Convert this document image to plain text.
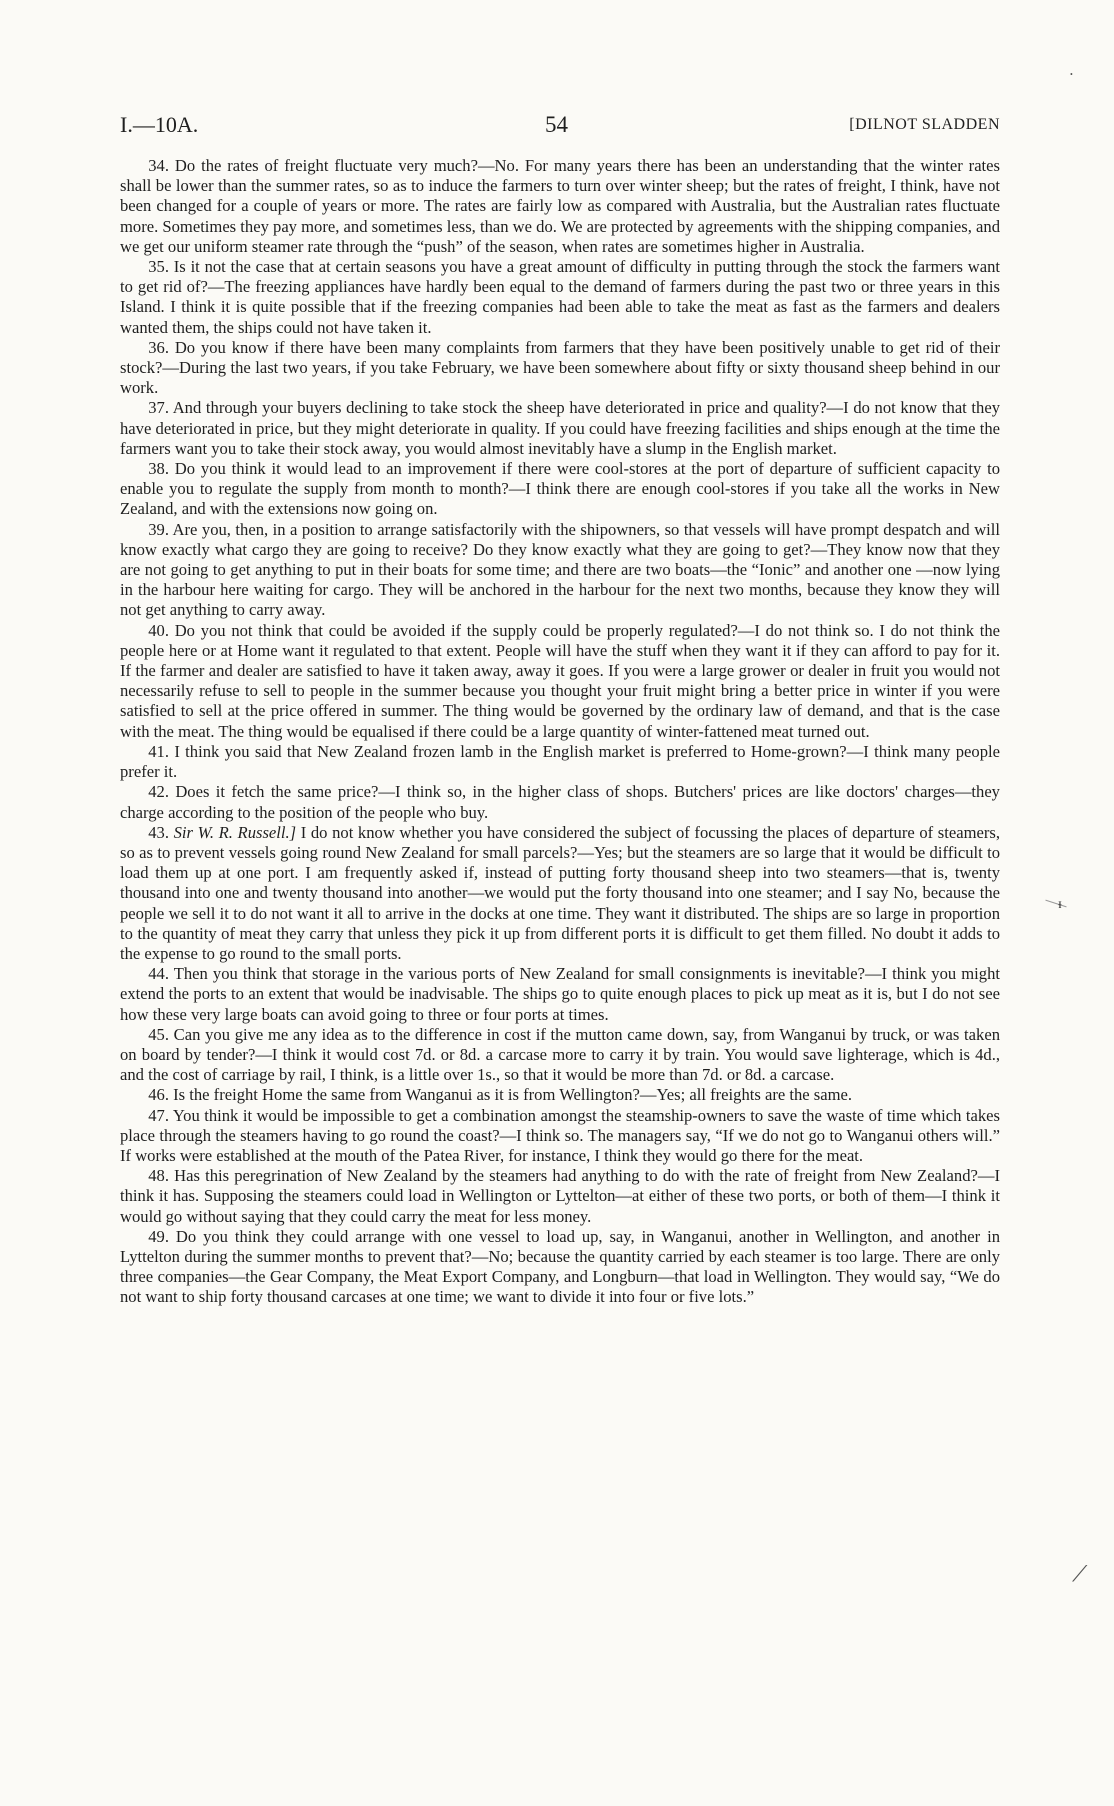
•
I.—10A.	54	[DILNOT SLADDEN

34. Do the rates of freight fluctuate very much?—No. For many years there has been an understanding that the winter rates shall be lower than the summer rates, so as to induce the farmers to turn over winter sheep; but the rates of freight, I think, have not been changed for a couple of years or more. The rates are fairly low as compared with Australia, but the Australian rates fluctuate more. Sometimes they pay more, and sometimes less, than we do. We are protected by agreements with the shipping companies, and we get our uniform steamer rate through the “push” of the season, when rates are sometimes higher in Australia.

35. Is it not the case that at certain seasons you have a great amount of difficulty in putting through the stock the farmers want to get rid of?—The freezing appliances have hardly been equal to the demand of farmers during the past two or three years in this Island. I think it is quite possible that if the freezing companies had been able to take the meat as fast as the farmers and dealers wanted them, the ships could not have taken it.

36. Do you know if there have been many complaints from farmers that they have been positively unable to get rid of their stock?—During the last two years, if you take February, we have been somewhere about fifty or sixty thousand sheep behind in our work.

37. And through your buyers declining to take stock the sheep have deteriorated in price and quality?—I do not know that they have deteriorated in price, but they might deteriorate in quality. If you could have freezing facilities and ships enough at the time the farmers want you to take their stock away, you would almost inevitably have a slump in the English market.

38. Do you think it would lead to an improvement if there were cool-stores at the port of departure of sufficient capacity to enable you to regulate the supply from month to month?—I think there are enough cool-stores if you take all the works in New Zealand, and with the extensions now going on.

39. Are you, then, in a position to arrange satisfactorily with the shipowners, so that vessels will have prompt despatch and will know exactly what cargo they are going to receive? Do they know exactly what they are going to get?—They know now that they are not going to get anything to put in their boats for some time; and there are two boats—the “Ionic” and another one —now lying in the harbour here waiting for cargo. They will be anchored in the harbour for the next two months, because they know they will not get anything to carry away.

40. Do you not think that could be avoided if the supply could be properly regulated?—I do not think so. I do not think the people here or at Home want it regulated to that extent. People will have the stuff when they want it if they can afford to pay for it. If the farmer and dealer are satisfied to have it taken away, away it goes. If you were a large grower or dealer in fruit you would not necessarily refuse to sell to people in the summer because you thought your fruit might bring a better price in winter if you were satisfied to sell at the price offered in summer. The thing would be governed by the ordinary law of demand, and that is the case with the meat. The thing would be equalised if there could be a large quantity of winter-fattened meat turned out.

41. I think you said that New Zealand frozen lamb in the English market is preferred to Home-grown?—I think many people prefer it.

42. Does it fetch the same price?—I think so, in the higher class of shops. Butchers' prices are like doctors' charges—they charge according to the position of the people who buy.

43. Sir W. R. Russell.] I do not know whether you have considered the subject of focussing the places of departure of steamers, so as to prevent vessels going round New Zealand for small parcels?—Yes; but the steamers are so large that it would be difficult to load them up at one port. I am frequently asked if, instead of putting forty thousand sheep into two steamers—that is, twenty thousand into one and twenty thousand into another—we would put the forty thousand into one steamer; and I say No, because the people we sell it to do not want it all to arrive in the docks at one time. They want it distributed. The ships are so large in proportion to the quantity of meat they carry that unless they pick it up from different ports it is difficult to get them filled. No doubt it adds to the expense to go round to the small ports.

44. Then you think that storage in the various ports of New Zealand for small consignments is inevitable?—I think you might extend the ports to an extent that would be inadvisable. The ships go to quite enough places to pick up meat as it is, but I do not see how these very large boats can avoid going to three or four ports at times.

45. Can you give me any idea as to the difference in cost if the mutton came down, say, from Wanganui by truck, or was taken on board by tender?—I think it would cost 7d. or 8d. a carcase more to carry it by train. You would save lighterage, which is 4d., and the cost of carriage by rail, I think, is a little over 1s., so that it would be more than 7d. or 8d. a carcase.

46. Is the freight Home the same from Wanganui as it is from Wellington?—Yes; all freights are the same.

47. You think it would be impossible to get a combination amongst the steamship-owners to save the waste of time which takes place through the steamers having to go round the coast?—I think so. The managers say, “If we do not go to Wanganui others will.” If works were established at the mouth of the Patea River, for instance, I think they would go there for the meat.

48. Has this peregrination of New Zealand by the steamers had anything to do with the rate of freight from New Zealand?—I think it has. Supposing the steamers could load in Wellington or Lyttelton—at either of these two ports, or both of them—I think it would go without saying that they could carry the meat for less money.

49. Do you think they could arrange with one vessel to load up, say, in Wanganui, another in Wellington, and another in Lyttelton during the summer months to prevent that?—No; because the quantity carried by each steamer is too large. There are only three companies—the Gear Company, the Meat Export Company, and Longburn—that load in Wellington. They would say, “We do not want to ship forty thousand carcases at one time; we want to divide it into four or five lots.”

ᵻ
⟋
